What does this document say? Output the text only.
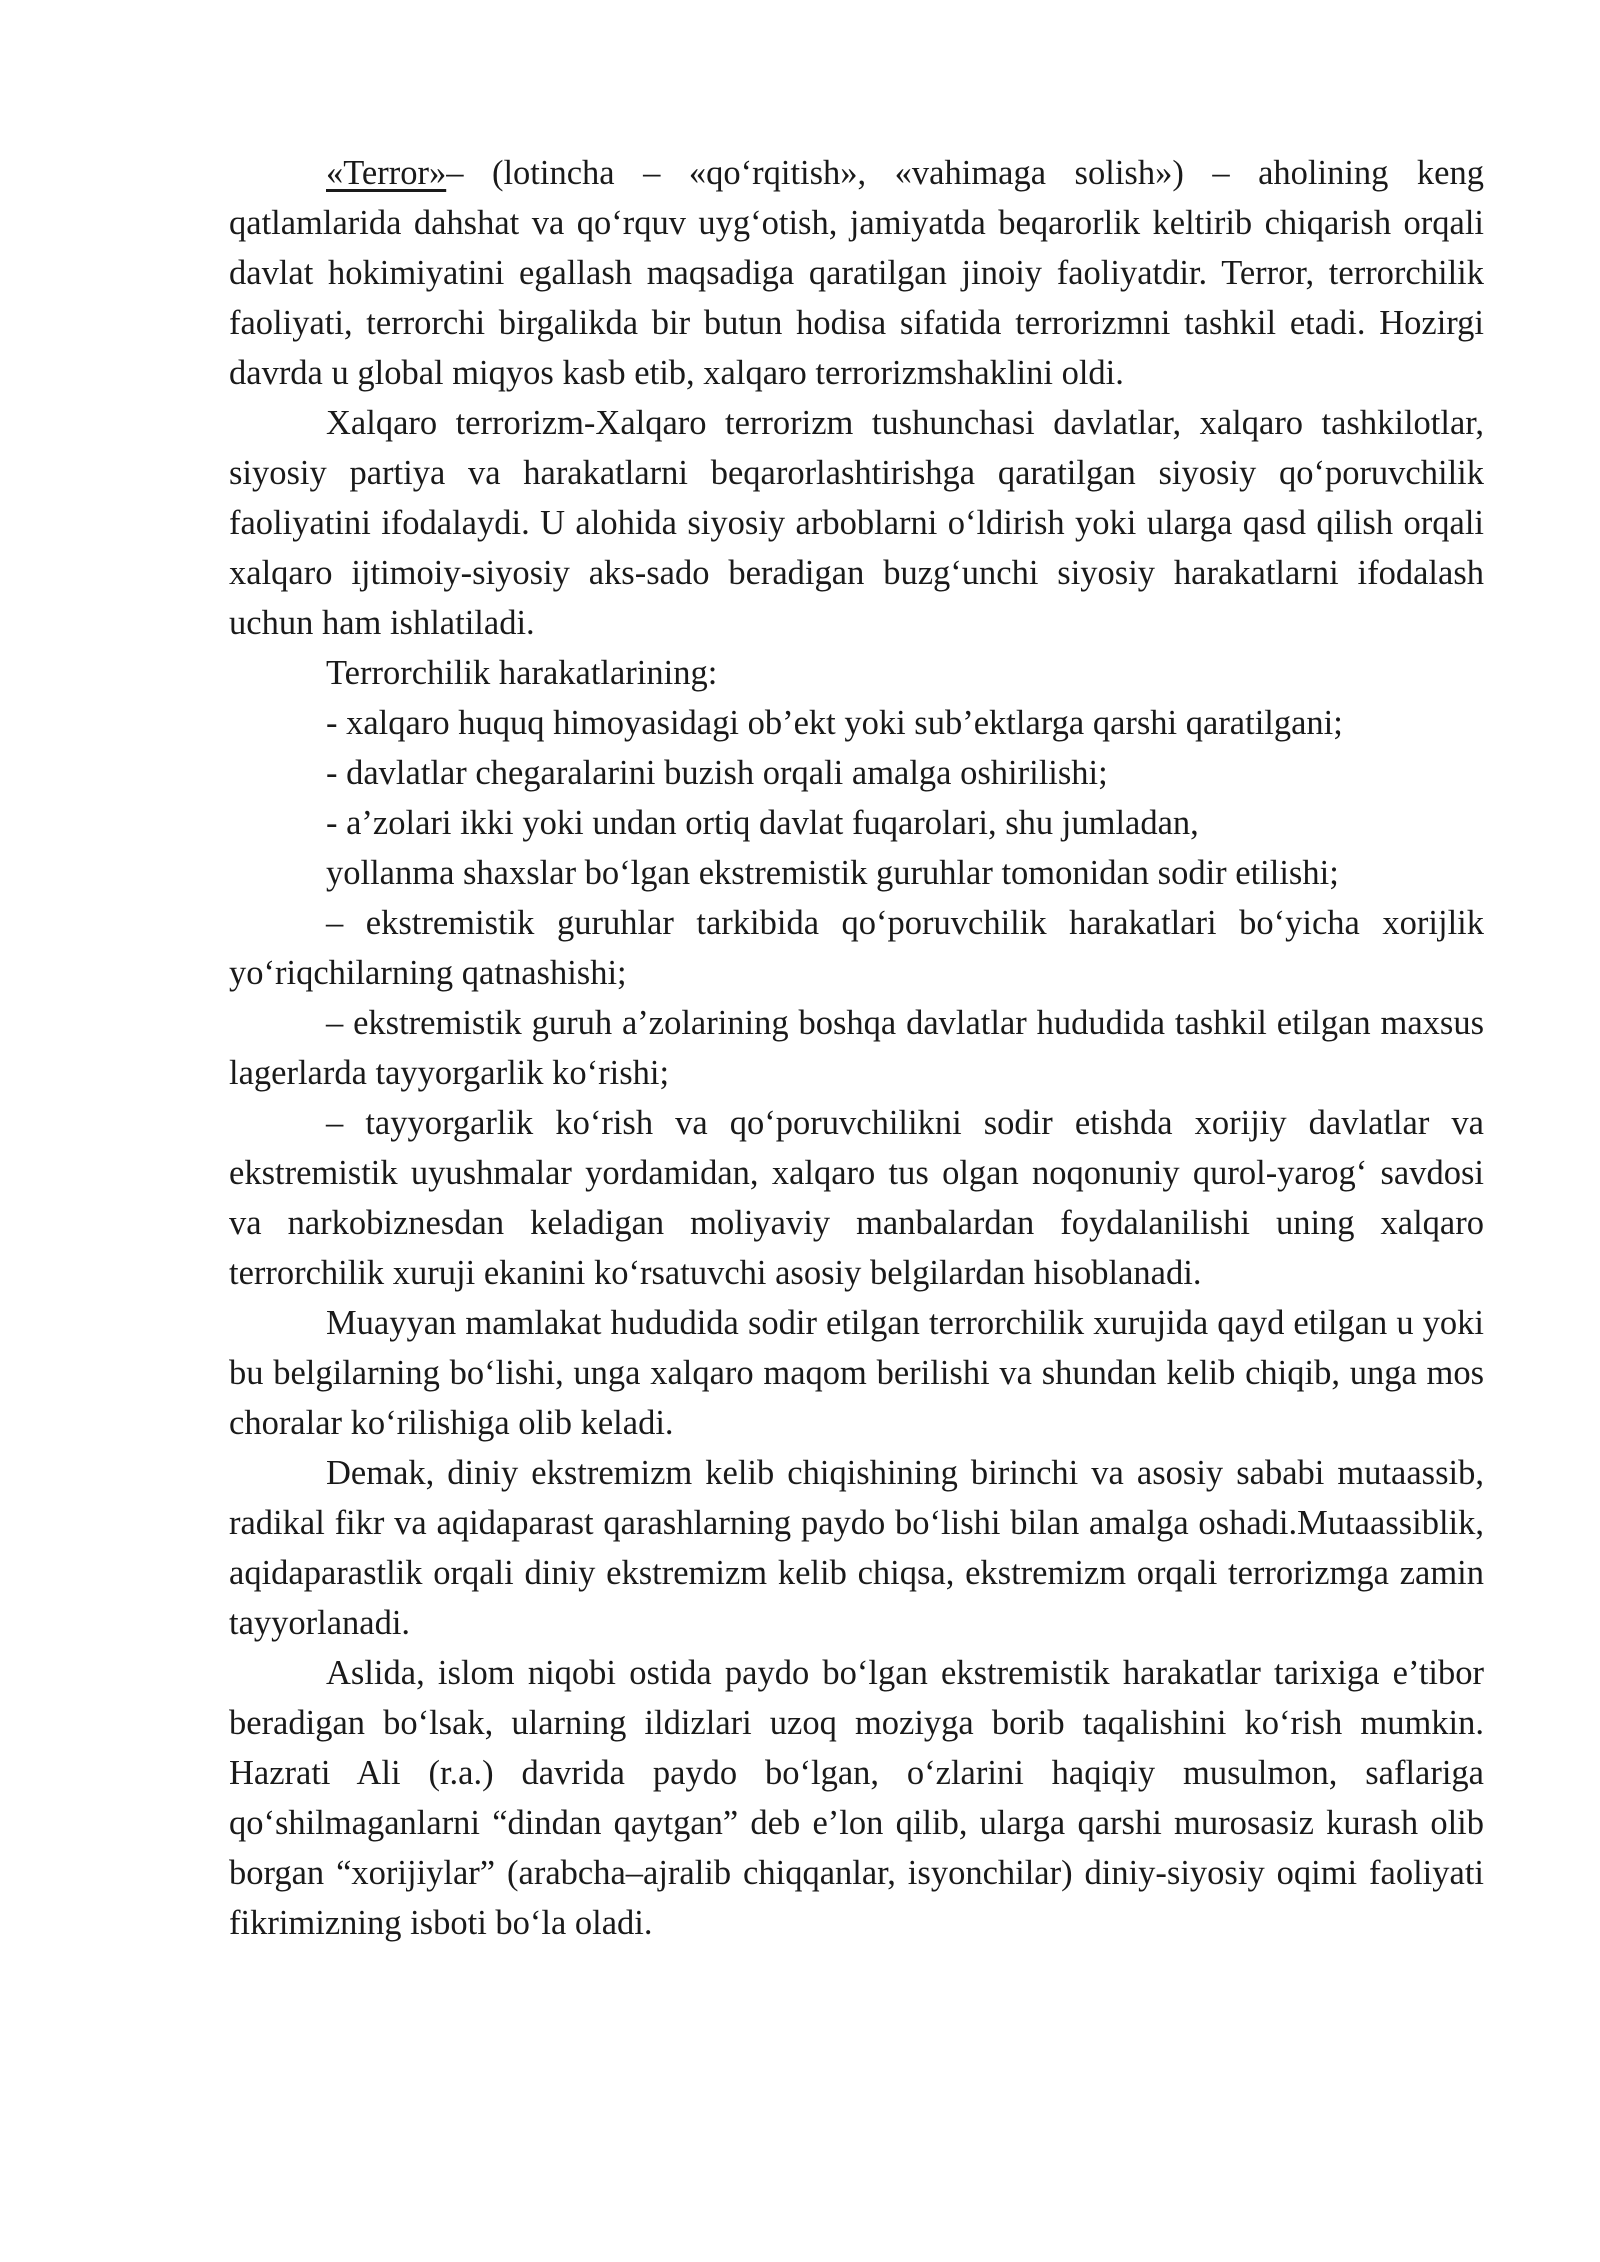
«Terror»– (lotincha – «qo‘rqitish», «vahimaga solish») – aholining keng qatlamlarida dahshat va qo‘rquv uyg‘otish, jamiyatda beqarorlik keltirib chiqarish orqali davlat hokimiyatini egallash maqsadiga qaratilgan jinoiy faoliyatdir. Terror, terrorchilik faoliyati, terrorchi birgalikda bir butun hodisa sifatida terrorizmni tashkil etadi. Hozirgi davrda u global miqyos kasb etib, xalqaro terrorizmshaklini oldi.

Xalqaro terrorizm-Xalqaro terrorizm tushunchasi davlatlar, xalqaro tashkilotlar, siyosiy partiya va harakatlarni beqarorlashtirishga qaratilgan siyosiy qo‘poruvchilik faoliyatini ifodalaydi. U alohida siyosiy arboblarni o‘ldirish yoki ularga qasd qilish orqali xalqaro ijtimoiy-siyosiy aks-sado beradigan buzg‘unchi siyosiy harakatlarni ifodalash uchun ham ishlatiladi.

Terrorchilik harakatlarining:

- xalqaro huquq himoyasidagi ob’ekt yoki sub’ektlarga qarshi qaratilgani;

- davlatlar chegaralarini buzish orqali amalga oshirilishi;

- a’zolari ikki yoki undan ortiq davlat fuqarolari, shu jumladan,

yollanma shaxslar bo‘lgan ekstremistik guruhlar tomonidan sodir etilishi;

– ekstremistik guruhlar tarkibida qo‘poruvchilik harakatlari bo‘yicha xorijlik yo‘riqchilarning qatnashishi;

– ekstremistik guruh a’zolarining boshqa davlatlar hududida tashkil etilgan maxsus lagerlarda tayyorgarlik ko‘rishi;

– tayyorgarlik ko‘rish va qo‘poruvchilikni sodir etishda xorijiy davlatlar va ekstremistik uyushmalar yordamidan, xalqaro tus olgan noqonuniy qurol-yarog‘ savdosi va narkobiznesdan keladigan moliyaviy manbalardan foydalanilishi uning xalqaro terrorchilik xuruji ekanini ko‘rsatuvchi asosiy belgilardan hisoblanadi.

Muayyan mamlakat hududida sodir etilgan terrorchilik xurujida qayd etilgan u yoki bu belgilarning bo‘lishi, unga xalqaro maqom berilishi va shundan kelib chiqib, unga mos choralar ko‘rilishiga olib keladi.

Demak, diniy ekstremizm kelib chiqishining birinchi va asosiy sababi mutaassib, radikal fikr va aqidaparast qarashlarning paydo bo‘lishi bilan amalga oshadi.Mutaassiblik, aqidaparastlik orqali diniy ekstremizm kelib chiqsa, ekstremizm orqali terrorizmga zamin tayyorlanadi.

Aslida, islom niqobi ostida paydo bo‘lgan ekstremistik harakatlar tarixiga e’tibor beradigan bo‘lsak, ularning ildizlari uzoq moziyga borib taqalishini ko‘rish mumkin. Hazrati Ali (r.a.) davrida paydo bo‘lgan, o‘zlarini haqiqiy musulmon, saflariga qo‘shilmaganlarni “dindan qaytgan” deb e’lon qilib, ularga qarshi murosasiz kurash olib borgan “xorijiylar” (arabcha–ajralib chiqqanlar, isyonchilar) diniy-siyosiy oqimi faoliyati fikrimizning isboti bo‘la oladi.
